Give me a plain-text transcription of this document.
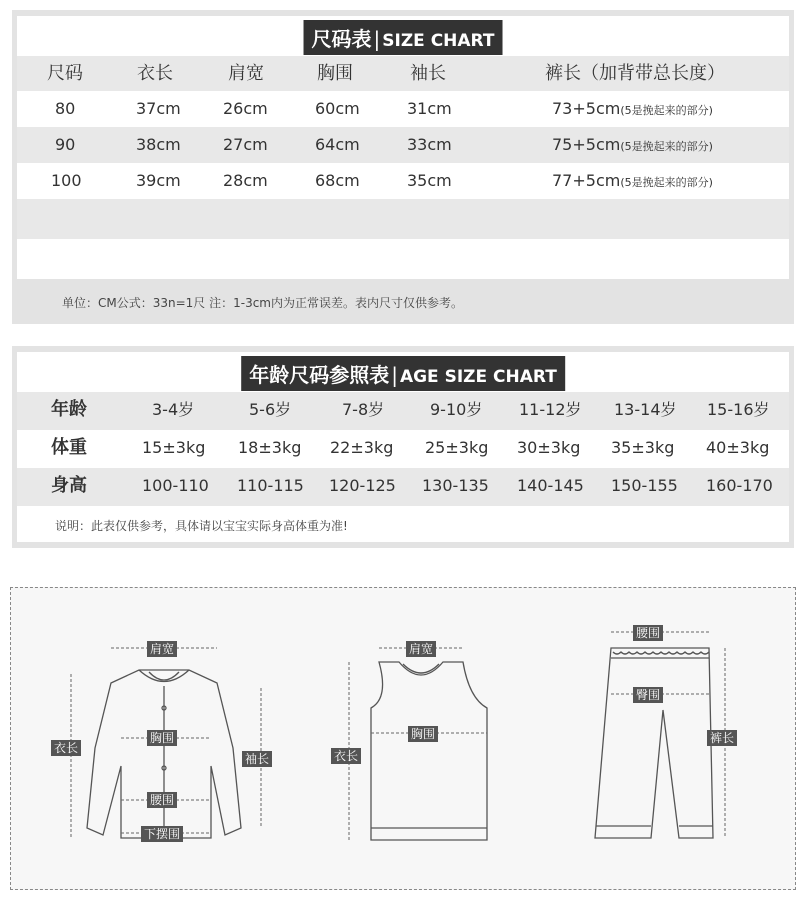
尺码表 | SIZE CHART
尺码	衣长	肩宽	胸围	袖长	裤长（加背带总长度）
80	37cm	26cm	60cm	31cm	73+5cm(5是挽起来的部分)
90	38cm	27cm	64cm	33cm	75+5cm(5是挽起来的部分)
100	39cm	28cm	68cm	35cm	77+5cm(5是挽起来的部分)
单位：CM公式：33n=1尺 注：1-3cm内为正常误差。表内尺寸仅供参考。
年龄尺码参照表 | AGE SIZE CHART
年龄	3-4岁	5-6岁	7-8岁	9-10岁 11-12岁 13-14岁 15-16岁
体重	15±3kg 18±3kg 22±3kg 25±3kg 30±3kg 35±3kg 40±3kg
身高	100-110 110-115 120-125 130-135 140-145 150-155 160-170
说明：此表仅供参考，具体请以宝宝实际身高体重为准!
肩宽
衣长
胸围
袖长
腰围
下摆围
肩宽
衣长
胸围
腰围
臀围
裤长
